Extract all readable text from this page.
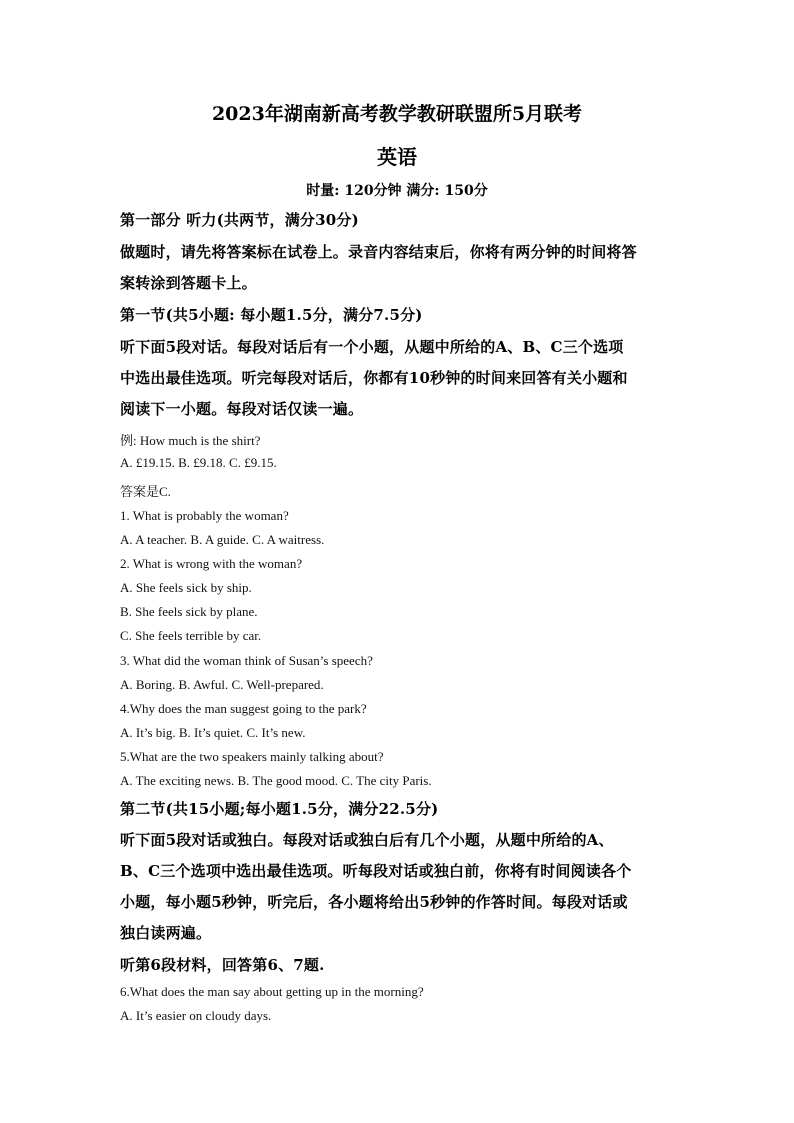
2023年湖南新高考教学教研联盟所5月联考
英语
时量: 120分钟 满分: 150分
第一部分 听力(共两节，满分30分)
做题时，请先将答案标在试卷上。录音内容结束后，你将有两分钟的时间将答
案转涂到答题卡上。
第一节(共5小题: 每小题1.5分，满分7.5分)
听下面5段对话。每段对话后有一个小题，从题中所给的A、B、C三个选项
中选出最佳选项。听完每段对话后，你都有10秒钟的时间来回答有关小题和
阅读下一小题。每段对话仅读一遍。
例: How much is the shirt?
A. £19.15. B. £9.18. C. £9.15.
答案是C.
1. What is probably the woman?
A. A teacher. B. A guide. C. A waitress.
2. What is wrong with the woman?
A. She feels sick by ship.
B. She feels sick by plane.
C. She feels terrible by car.
3. What did the woman think of Susan’s speech?
A. Boring. B. Awful. C. Well-prepared.
4.Why does the man suggest going to the park?
A. It’s big. B. It’s quiet. C. It’s new.
5.What are the two speakers mainly talking about?
A. The exciting news. B. The good mood. C. The city Paris.
第二节(共15小题;每小题1.5分，满分22.5分)
听下面5段对话或独白。每段对话或独白后有几个小题，从题中所给的A、
B、C三个选项中选出最佳选项。听每段对话或独白前，你将有时间阅读各个
小题，每小题5秒钟，听完后，各小题将给出5秒钟的作答时间。每段对话或
独白读两遍。
听第6段材料，回答第6、7题.
6.What does the man say about getting up in the morning?
A. It’s easier on cloudy days.
